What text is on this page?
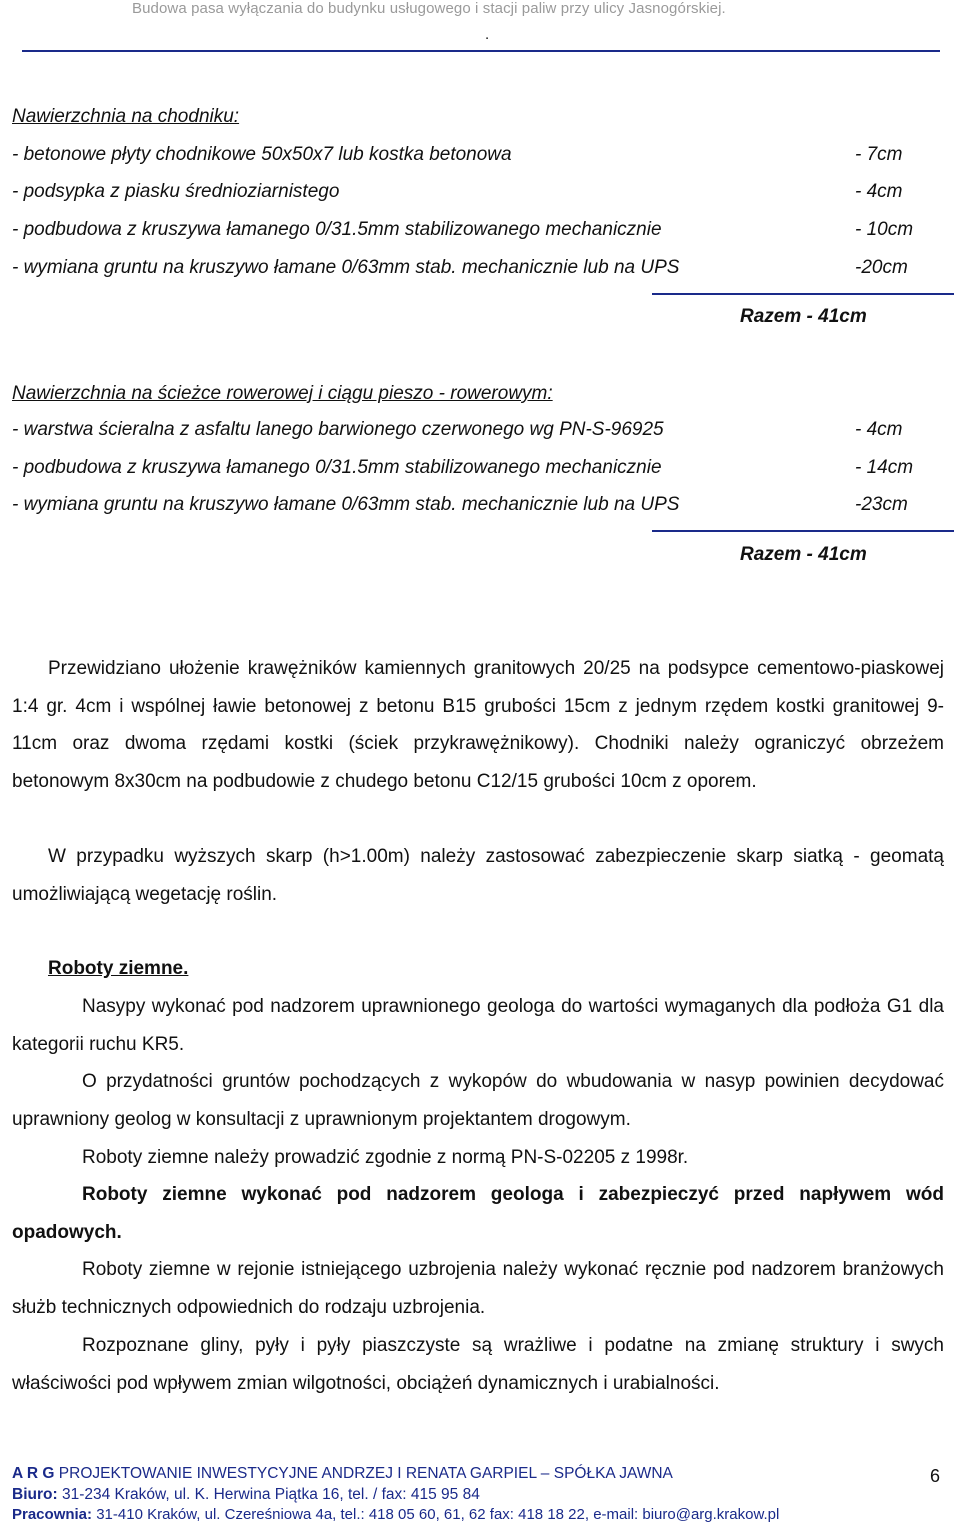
Budowa pasa wyłączania do budynku usługowego i stacji paliw przy ulicy Jasnogórskiej.
.
Nawierzchnia na chodniku:
- betonowe płyty chodnikowe 50x50x7 lub kostka betonowa	- 7cm
- podsypka z piasku średnioziarnistego	- 4cm
- podbudowa z kruszywa łamanego 0/31.5mm stabilizowanego mechanicznie	- 10cm
- wymiana gruntu na kruszywo łamane 0/63mm stab. mechanicznie lub na UPS	-20cm
Razem - 41cm
Nawierzchnia na ścieżce rowerowej i ciągu pieszo - rowerowym:
- warstwa ścieralna z asfaltu lanego barwionego czerwonego wg PN-S-96925	- 4cm
- podbudowa z kruszywa łamanego 0/31.5mm stabilizowanego mechanicznie	- 14cm
- wymiana gruntu na kruszywo łamane 0/63mm stab. mechanicznie lub na UPS	-23cm
Razem - 41cm

Przewidziano ułożenie krawężników kamiennych granitowych 20/25 na podsypce cementowo-piaskowej 1:4 gr. 4cm i wspólnej ławie betonowej z betonu B15 grubości 15cm z jednym rzędem kostki granitowej 9-11cm oraz dwoma rzędami kostki (ściek przykrawężnikowy). Chodniki należy ograniczyć obrzeżem betonowym 8x30cm na podbudowie z chudego betonu C12/15 grubości 10cm z oporem.

W przypadku wyższych skarp (h>1.00m) należy zastosować zabezpieczenie skarp siatką - geomatą umożliwiającą wegetację roślin.

Roboty ziemne.

Nasypy wykonać pod nadzorem uprawnionego geologa do wartości wymaganych dla podłoża G1 dla kategorii ruchu KR5.

O przydatności gruntów pochodzących z wykopów do wbudowania w nasyp powinien decydować uprawniony geolog w konsultacji z uprawnionym projektantem drogowym.

Roboty ziemne należy prowadzić zgodnie z normą PN-S-02205 z 1998r.

Roboty ziemne wykonać pod nadzorem geologa i zabezpieczyć przed napływem wód opadowych.

Roboty ziemne w rejonie istniejącego uzbrojenia należy wykonać ręcznie pod nadzorem branżowych służb technicznych odpowiednich do rodzaju uzbrojenia.

Rozpoznane gliny, pyły i pyły piaszczyste są wrażliwe i podatne na zmianę struktury i swych właściwości pod wpływem zmian wilgotności, obciążeń dynamicznych i urabialności.

A R G PROJEKTOWANIE INWESTYCYJNE ANDRZEJ I RENATA GARPIEL – SPÓŁKA JAWNA
Biuro: 31-234 Kraków, ul. K. Herwina Piątka 16, tel. / fax: 415 95 84
Pracownia: 31-410 Kraków, ul. Czereśniowa 4a, tel.: 418 05 60, 61, 62 fax: 418 18 22, e-mail: biuro@arg.krakow.pl
6
